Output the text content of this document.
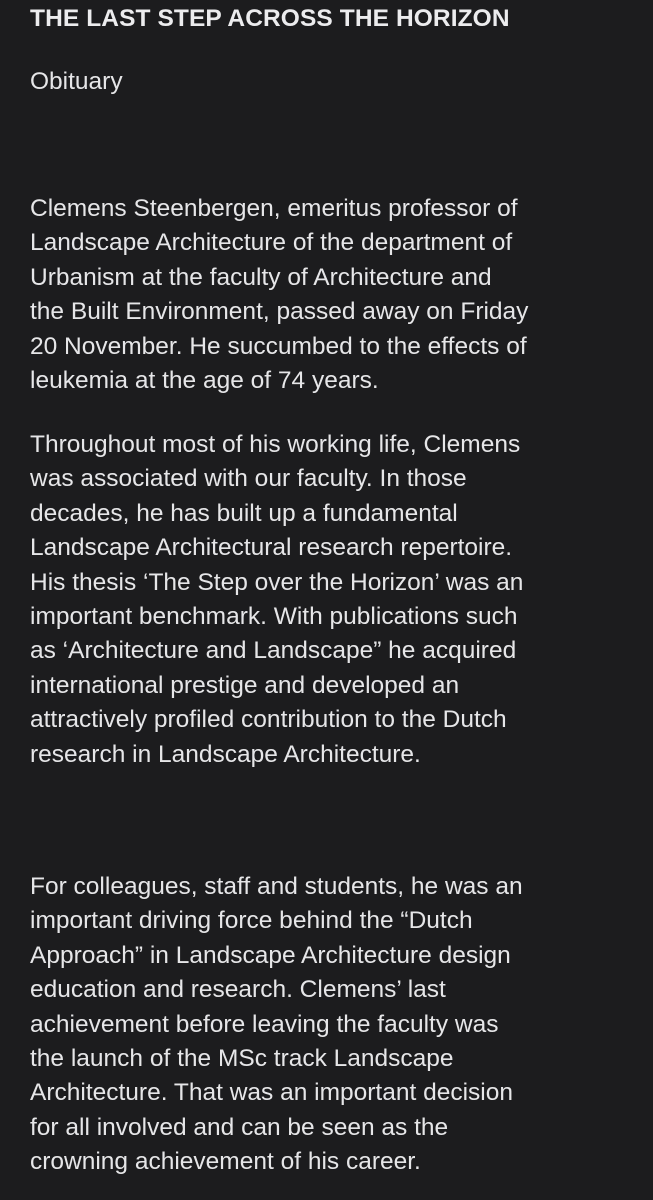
THE LAST STEP ACROSS THE HORIZON
Obituary

Clemens Steenbergen, emeritus professor of
Landscape Architecture of the department of
Urbanism at the faculty of Architecture and
the Built Environment, passed away on Friday
20 November. He succumbed to the effects of
leukemia at the age of 74 years.

Throughout most of his working life, Clemens
was associated with our faculty. In those
decades, he has built up a fundamental
Landscape Architectural research repertoire.
His thesis ‘The Step over the Horizon’ was an
important benchmark. With publications such
as ‘Architecture and Landscape” he acquired
international prestige and developed an
attractively profiled contribution to the Dutch
research in Landscape Architecture.

For colleagues, staff and students, he was an
important driving force behind the “Dutch
Approach” in Landscape Architecture design
education and research. Clemens’ last
achievement before leaving the faculty was
the launch of the MSc track Landscape
Architecture. That was an important decision
for all involved and can be seen as the
crowning achievement of his career.
